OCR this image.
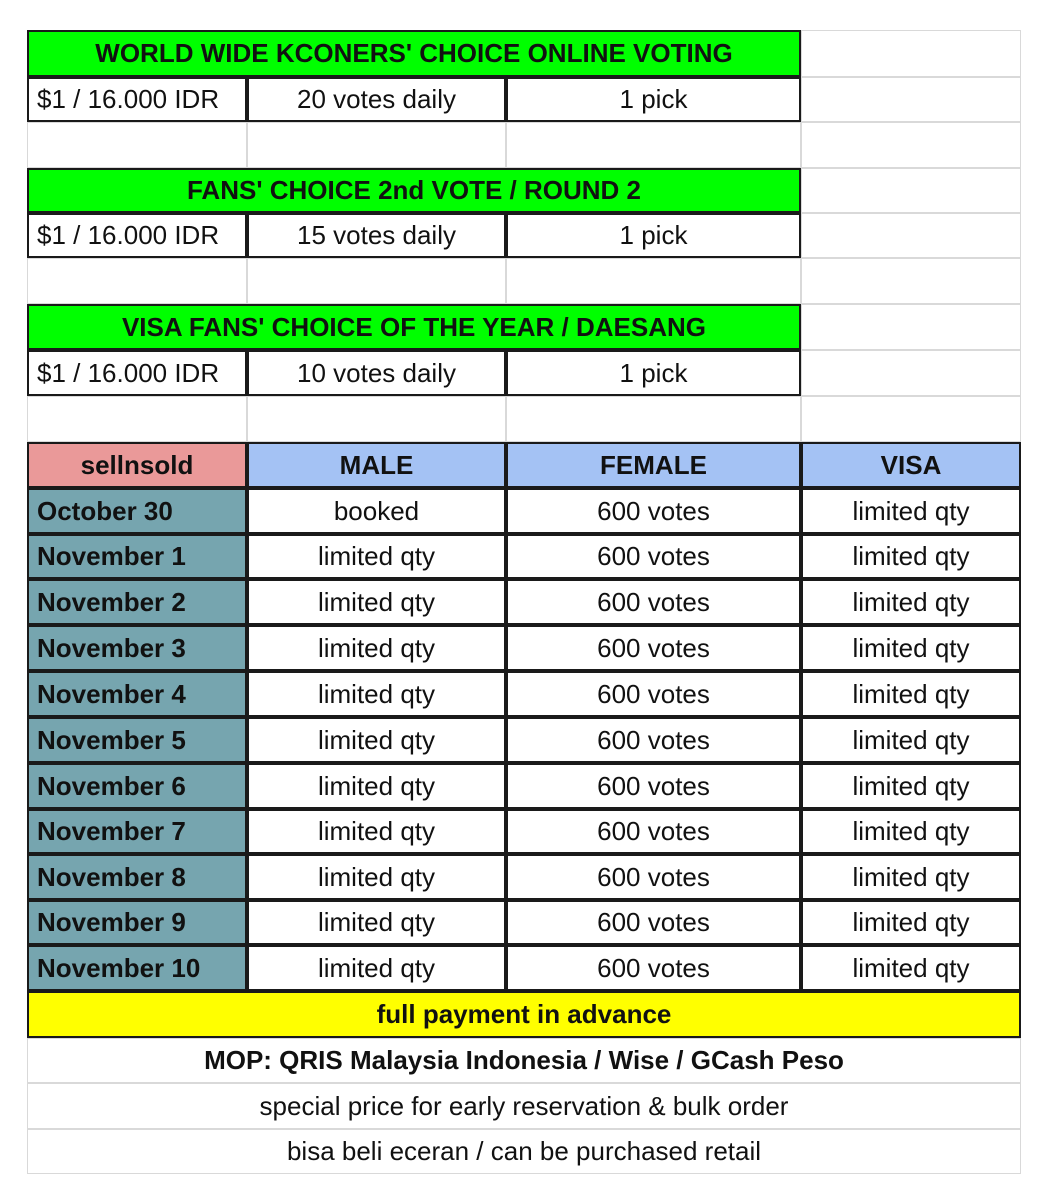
WORLD WIDE KCONERS' CHOICE ONLINE VOTING
$1 / 16.000 IDR	20 votes daily	1 pick
FANS' CHOICE 2nd VOTE / ROUND 2
$1 / 16.000 IDR	15 votes daily	1 pick
VISA FANS' CHOICE OF THE YEAR / DAESANG
$1 / 16.000 IDR	10 votes daily	1 pick
sellnsold	MALE	FEMALE	VISA
October 30	booked	600 votes	limited qty
November 1	limited qty	600 votes	limited qty
November 2	limited qty	600 votes	limited qty
November 3	limited qty	600 votes	limited qty
November 4	limited qty	600 votes	limited qty
November 5	limited qty	600 votes	limited qty
November 6	limited qty	600 votes	limited qty
November 7	limited qty	600 votes	limited qty
November 8	limited qty	600 votes	limited qty
November 9	limited qty	600 votes	limited qty
November 10	limited qty	600 votes	limited qty
full payment in advance
MOP: QRIS Malaysia Indonesia / Wise / GCash Peso
special price for early reservation & bulk order
bisa beli eceran / can be purchased retail
